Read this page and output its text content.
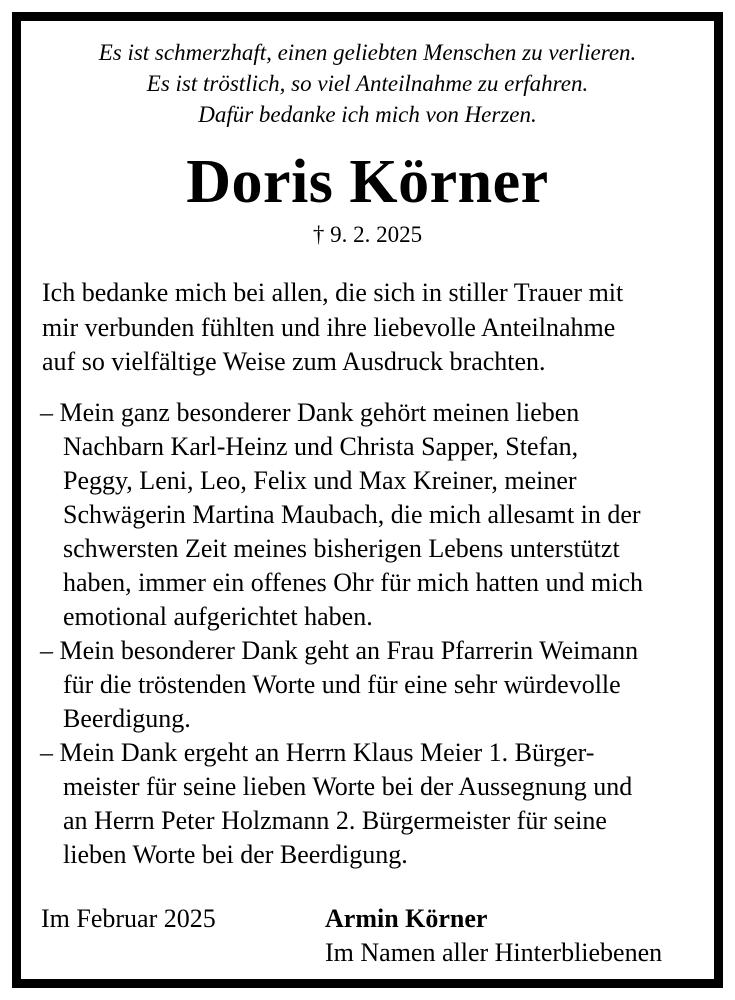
Es ist schmerzhaft, einen geliebten Menschen zu verlieren.
Es ist tröstlich, so viel Anteilnahme zu erfahren.
Dafür bedanke ich mich von Herzen.
Doris Körner
† 9. 2. 2025
Ich bedanke mich bei allen, die sich in stiller Trauer mit
mir verbunden fühlten und ihre liebevolle Anteilnahme
auf so vielfältige Weise zum Ausdruck brachten.
– Mein ganz besonderer Dank gehört meinen lieben
Nachbarn Karl-Heinz und Christa Sapper, Stefan,
Peggy, Leni, Leo, Felix und Max Kreiner, meiner
Schwägerin Martina Maubach, die mich allesamt in der
schwersten Zeit meines bisherigen Lebens unterstützt
haben, immer ein offenes Ohr für mich hatten und mich
emotional aufgerichtet haben.
– Mein besonderer Dank geht an Frau Pfarrerin Weimann
für die tröstenden Worte und für eine sehr würdevolle
Beerdigung.
– Mein Dank ergeht an Herrn Klaus Meier 1. Bürger-
meister für seine lieben Worte bei der Aussegnung und
an Herrn Peter Holzmann 2. Bürgermeister für seine
lieben Worte bei der Beerdigung.
Im Februar 2025	Armin Körner
Im Namen aller Hinterbliebenen
